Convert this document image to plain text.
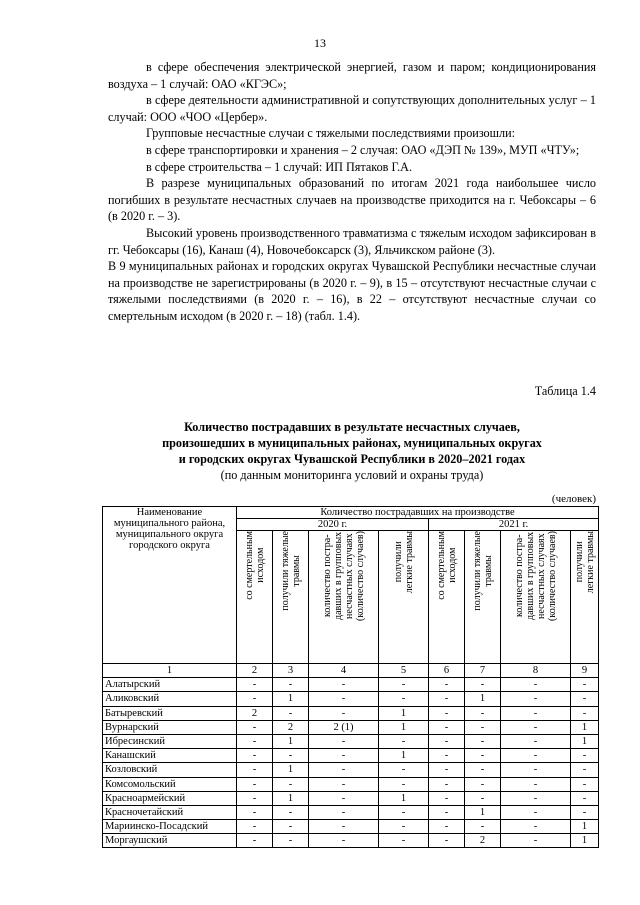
13

в сфере обеспечения электрической энергией, газом и паром; кондиционирования воздуха – 1 случай: ОАО «КГЭС»;

в сфере деятельности административной и сопутствующих дополнительных услуг – 1 случай: ООО «ЧОО «Цербер».

Групповые несчастные случаи с тяжелыми последствиями произошли:

в сфере транспортировки и хранения – 2 случая: ОАО «ДЭП № 139», МУП «ЧТУ»;

в сфере строительства – 1 случай: ИП Пятаков Г.А.

В разрезе муниципальных образований по итогам 2021 года наибольшее число погибших в результате несчастных случаев на производстве приходится на г. Чебоксары – 6 (в 2020 г. – 3).

Высокий уровень производственного травматизма с тяжелым исходом зафиксирован в гг. Чебоксары (16), Канаш (4), Новочебоксарск (3), Яльчикском районе (3).

В 9 муниципальных районах и городских округах Чувашской Республики несчастные случаи на производстве не зарегистрированы (в 2020 г. – 9), в 15 – отсутствуют несчастные случаи с тяжелыми последствиями (в 2020 г. – 16), в 22 – отсутствуют несчастные случаи со смертельным исходом (в 2020 г. – 18) (табл. 1.4).

Таблица 1.4
Количество пострадавших в результате несчастных случаев,
произошедших в муниципальных районах, муниципальных округах
и городских округах Чувашской Республики в 2020–2021 годах
(по данным мониторинга условий и охраны труда)
(человек)
Наименование муниципального района, муниципального округа городского округа	Количество пострадавших на производстве							
	2020 г.				2021 г.			

	со смертельным
исходом	получили тяжелые
травмы	количество постра-
давших в групповых
несчастных случаях
(количество случаев)	получили
легкие травмы	со смертельным
исходом	получили тяжелые
травмы	количество постра-
давших в групповых
несчастных случаях
(количество случаев)	получили
легкие травмы

1	2	3	4	5	6	7	8	9
Алатырский	-	-	-	-	-	-	-	-
Аликовский	-	1	-	-	-	1	-	-
Батыревский	2	-	-	1	-	-	-	-
Вурнарский	-	2	2 (1)	1	-	-	-	1
Ибресинский	-	1	-	-	-	-	-	1
Канашский	-	-	-	1	-	-	-	-
Козловский	-	1	-	-	-	-	-	-
Комсомольский	-	-	-	-	-	-	-	-
Красноармейский	-	1	-	1	-	-	-	-
Красночетайский	-	-	-	-	-	1	-	-
Мариинско-Посадский	-	-	-	-	-	-	-	1
Моргаушский	-	-	-	-	-	2	-	1
